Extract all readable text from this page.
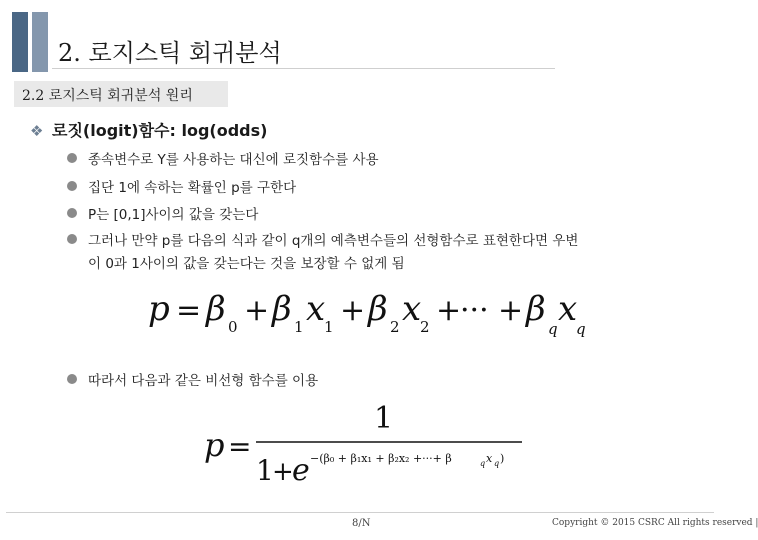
2. 로지스틱 회귀분석
2.2 로지스틱 회귀분석 원리
❖ 로짓(logit)함수: log(odds)
종속변수로 Y를 사용하는 대신에 로짓함수를 사용
집단 1에 속하는 확률인 p를 구한다
P는 [0,1]사이의 값을 갖는다
그러나 만약 p를 다음의 식과 같이 q개의 예측변수들의 선형함수로 표현한다면 우변
이 0과 1사이의 값을 갖는다는 것을 보장할 수 없게 됨
p = β 0 + β 1 x
1 + β 2 x
2 +
··· + β q x
q
따라서 다음과 같은 비선형 함수를 이용
p =
1
1
+
e −(β₀ + β₁x₁ + β₂x₂ +···+ β	q x q )
8/N	Copyright © 2015 CSRC All rights reserved |
